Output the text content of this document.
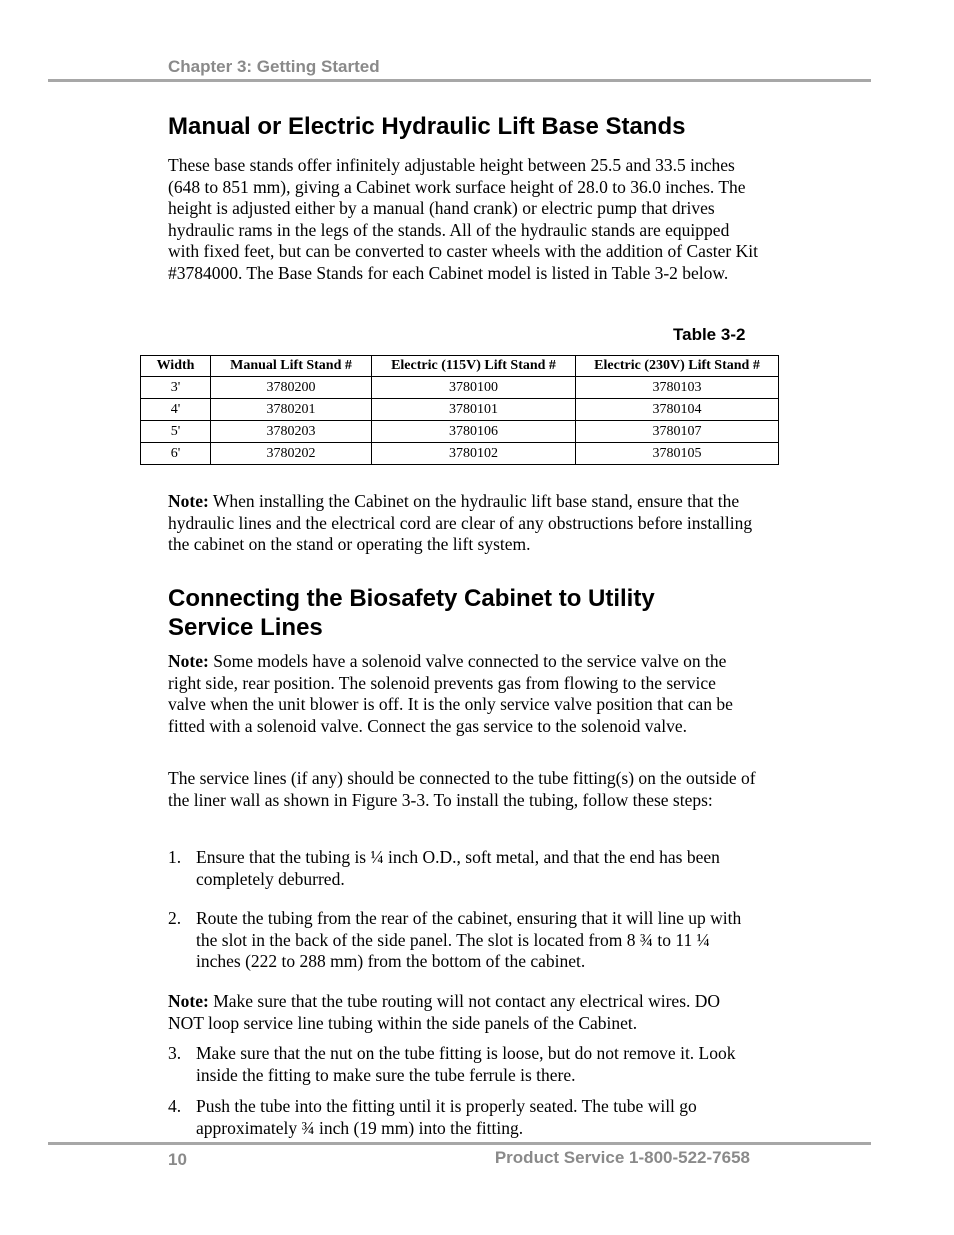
Chapter 3: Getting Started
Manual or Electric Hydraulic Lift Base Stands

These base stands offer infinitely adjustable height between 25.5 and 33.5 inches (648 to 851 mm), giving a Cabinet work surface height of 28.0 to 36.0 inches. The height is adjusted either by a manual (hand crank) or electric pump that drives hydraulic rams in the legs of the stands. All of the hydraulic stands are equipped with fixed feet, but can be converted to caster wheels with the addition of Caster Kit #3784000. The Base Stands for each Cabinet model is listed in Table 3-2 below.

Table 3-2
Width	Manual Lift Stand #	Electric (115V) Lift Stand #	Electric (230V) Lift Stand #
3'	3780200	3780100	3780103
4'	3780201	3780101	3780104
5'	3780203	3780106	3780107
6'	3780202	3780102	3780105

Note: When installing the Cabinet on the hydraulic lift base stand, ensure that the hydraulic lines and the electrical cord are clear of any obstructions before installing the cabinet on the stand or operating the lift system.

Connecting the Biosafety Cabinet to Utility
Service Lines

Note: Some models have a solenoid valve connected to the service valve on the right side, rear position. The solenoid prevents gas from flowing to the service valve when the unit blower is off. It is the only service valve position that can be fitted with a solenoid valve. Connect the gas service to the solenoid valve.

The service lines (if any) should be connected to the tube fitting(s) on the outside of the liner wall as shown in Figure 3-3. To install the tubing, follow these steps:

1. Ensure that the tubing is ¼ inch O.D., soft metal, and that the end has been completely deburred.
2. Route the tubing from the rear of the cabinet, ensuring that it will line up with the slot in the back of the side panel. The slot is located from 8 ¾ to 11 ¼ inches (222 to 288 mm) from the bottom of the cabinet.
3. Make sure that the nut on the tube fitting is loose, but do not remove it. Look inside the fitting to make sure the tube ferrule is there.
4. Push the tube into the fitting until it is properly seated. The tube will go approximately ¾ inch (19 mm) into the fitting.

Note: Make sure that the tube routing will not contact any electrical wires. DO NOT loop service line tubing within the side panels of the Cabinet.

10	Product Service 1-800-522-7658
